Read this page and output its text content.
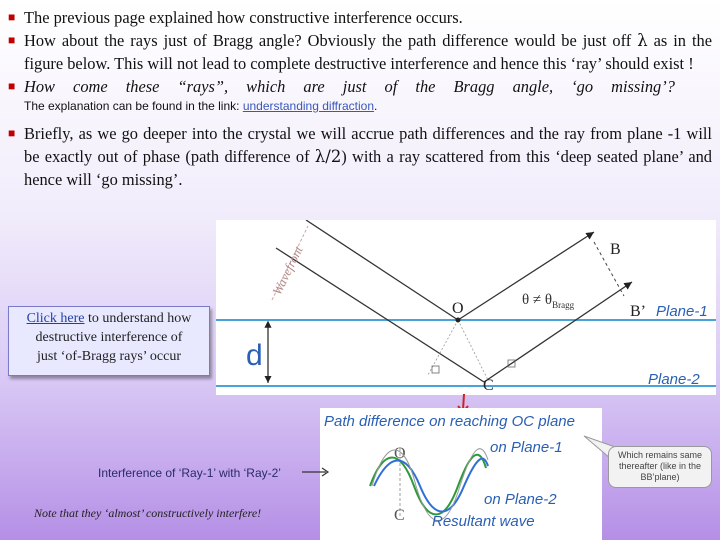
■ The previous page explained how constructive interference occurs.
■ How about the rays just of Bragg angle? Obviously the path difference would be just off λ as in the figure below. This will not lead to complete destructive interference and hence this ‘ray’ should exist !
■ How come these “rays”, which are just of the Bragg angle, ‘go missing’?
The explanation can be found in the link: understanding diffraction.
■ Briefly, as we go deeper into the crystal we will accrue path differences and the ray from plane -1 will be exactly out of phase (path difference of λ/2) with a ray scattered from this ‘deep seated plane’ and hence will ‘go missing’.
d
Wavefront
O
C
B
B’
$\theta \ne \theta_{Bragg}$	Plane-1
Plane-2
Click here to understand how
destructive interference of
just ‘of-Bragg rays’ occur
Path difference on reaching OC plane
O
C
on Plane-1
on Plane-2
Resultant wave
Interference of ‘Ray-1’ with ‘Ray-2’
Note that they ‘almost’ constructively interfere!
Which remains same thereafter (like in the BB’plane)
